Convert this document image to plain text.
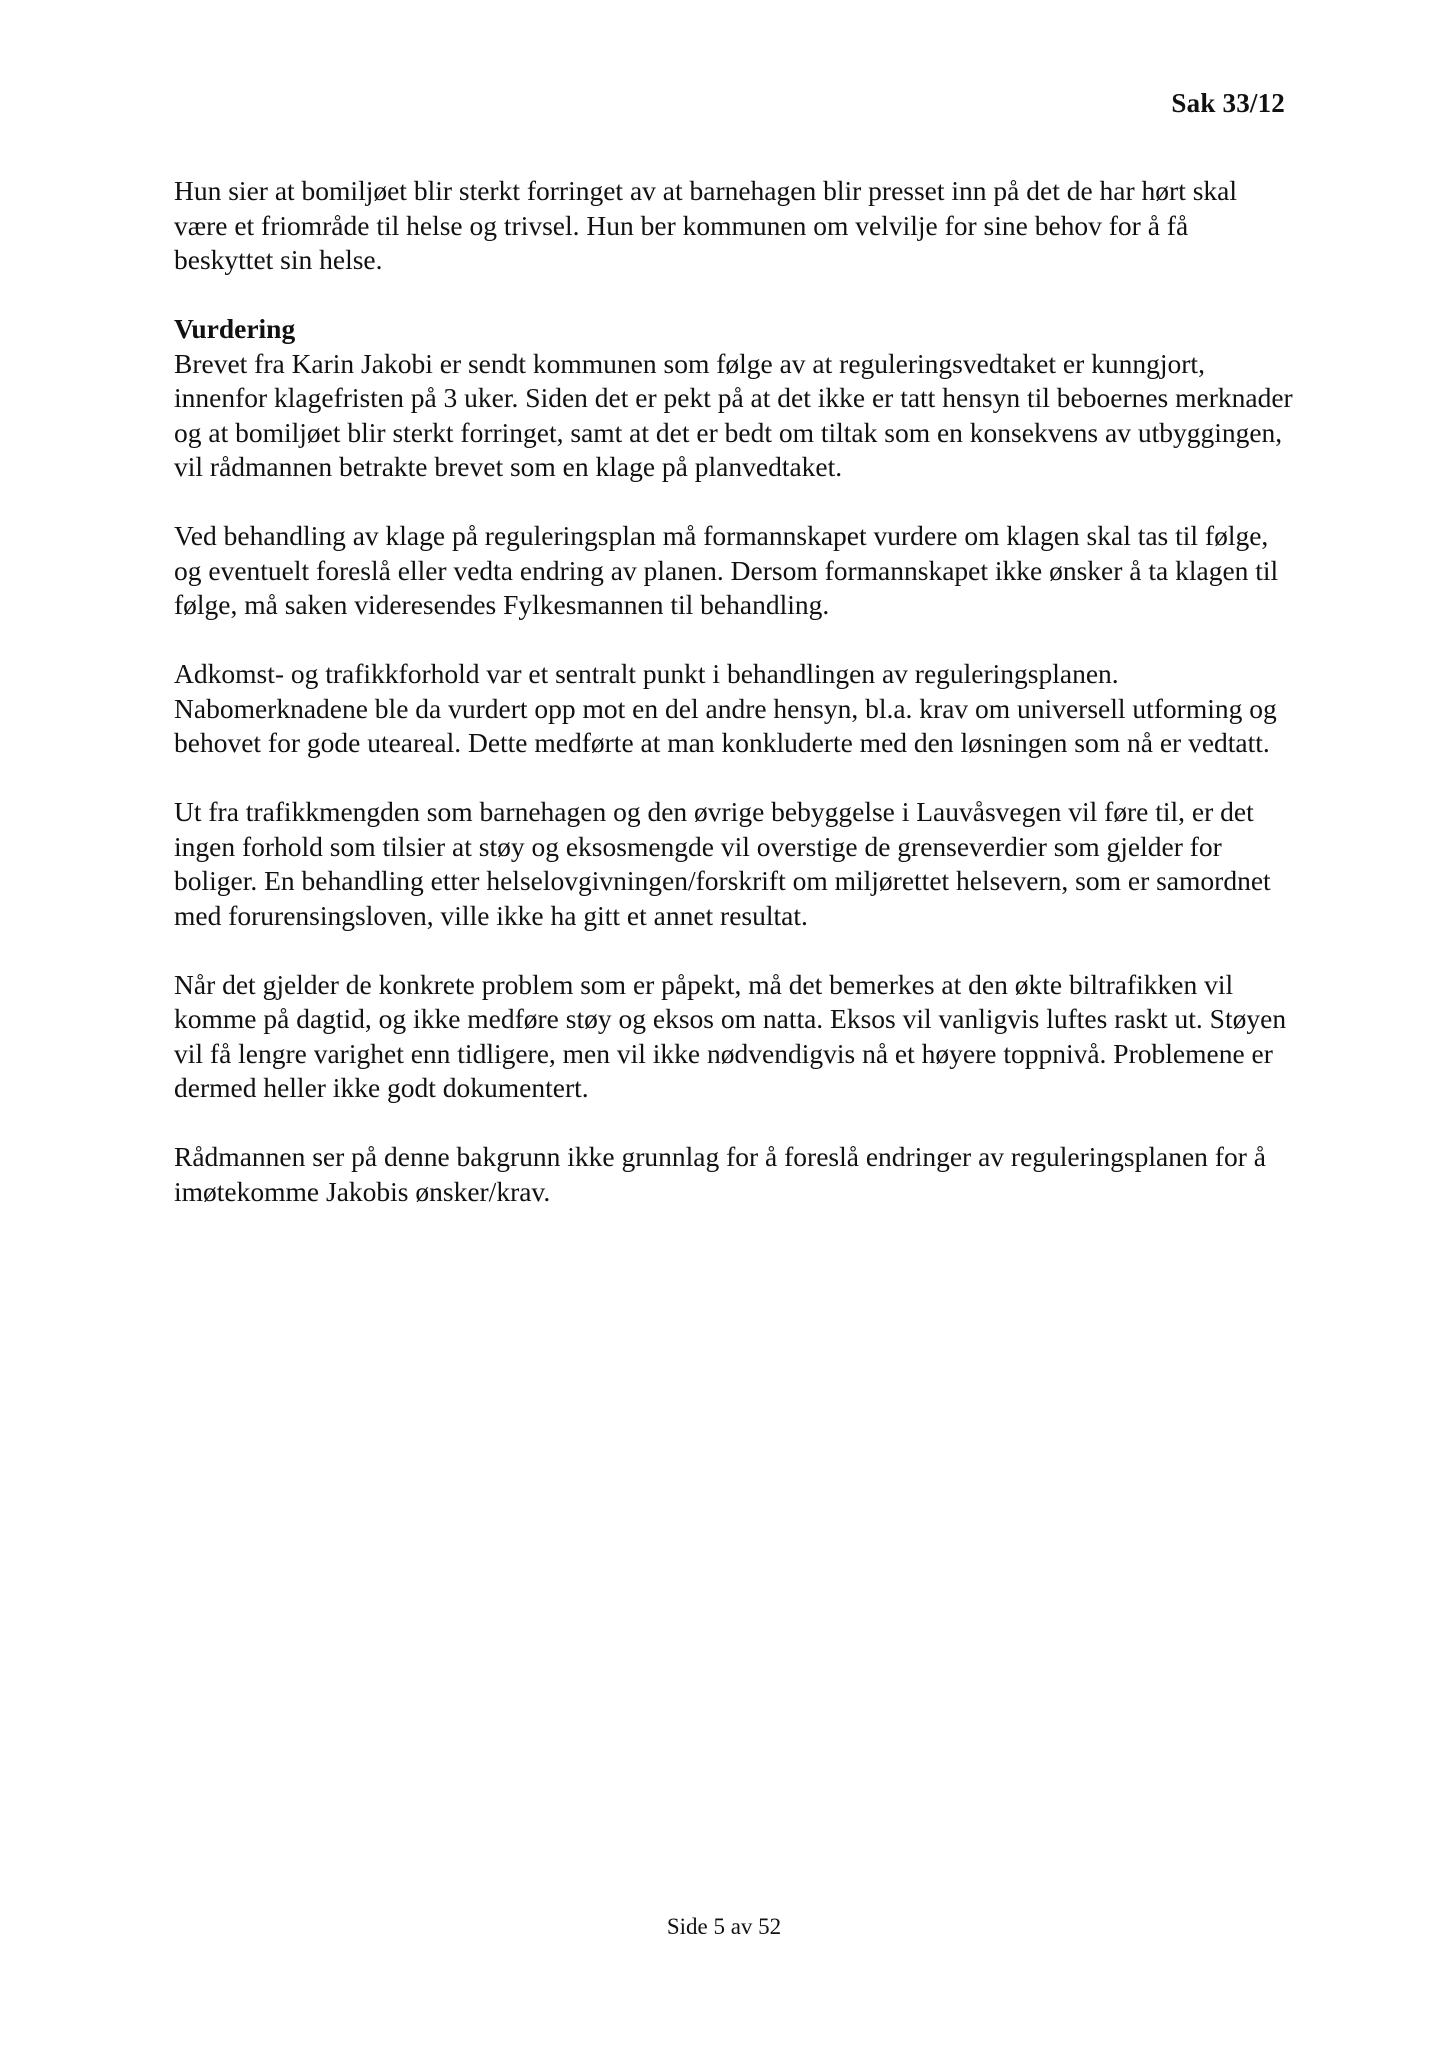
Sak 33/12

Hun sier at bomiljøet blir sterkt forringet av at barnehagen blir presset inn på det de har hørt skal være et friområde til helse og trivsel. Hun ber kommunen om velvilje for sine behov for å få beskyttet sin helse.

Vurdering
Brevet fra Karin Jakobi er sendt kommunen som følge av at reguleringsvedtaket er kunngjort, innenfor klagefristen på 3 uker. Siden det er pekt på at det ikke er tatt hensyn til beboernes merknader og at bomiljøet blir sterkt forringet, samt at det er bedt om tiltak som en konsekvens av utbyggingen, vil rådmannen betrakte brevet som en klage på planvedtaket.

Ved behandling av klage på reguleringsplan må formannskapet vurdere om klagen skal tas til følge, og eventuelt foreslå eller vedta endring av planen. Dersom formannskapet ikke ønsker å ta klagen til følge, må saken videresendes Fylkesmannen til behandling.

Adkomst- og trafikkforhold var et sentralt punkt i behandlingen av reguleringsplanen. Nabomerknadene ble da vurdert opp mot en del andre hensyn, bl.a. krav om universell utforming og behovet for gode uteareal. Dette medførte at man konkluderte med den løsningen som nå er vedtatt.

Ut fra trafikkmengden som barnehagen og den øvrige bebyggelse i Lauvåsvegen vil føre til, er det ingen forhold som tilsier at støy og eksosmengde vil overstige de grenseverdier som gjelder for boliger. En behandling etter helselovgivningen/forskrift om miljørettet helsevern, som er samordnet med forurensingsloven, ville ikke ha gitt et annet resultat.

Når det gjelder de konkrete problem som er påpekt, må det bemerkes at den økte biltrafikken vil komme på dagtid, og ikke medføre støy og eksos om natta. Eksos vil vanligvis luftes raskt ut. Støyen vil få lengre varighet enn tidligere, men vil ikke nødvendigvis nå et høyere toppnivå. Problemene er dermed heller ikke godt dokumentert.

Rådmannen ser på denne bakgrunn ikke grunnlag for å foreslå endringer av reguleringsplanen for å imøtekomme Jakobis ønsker/krav.

Side 5 av 52
